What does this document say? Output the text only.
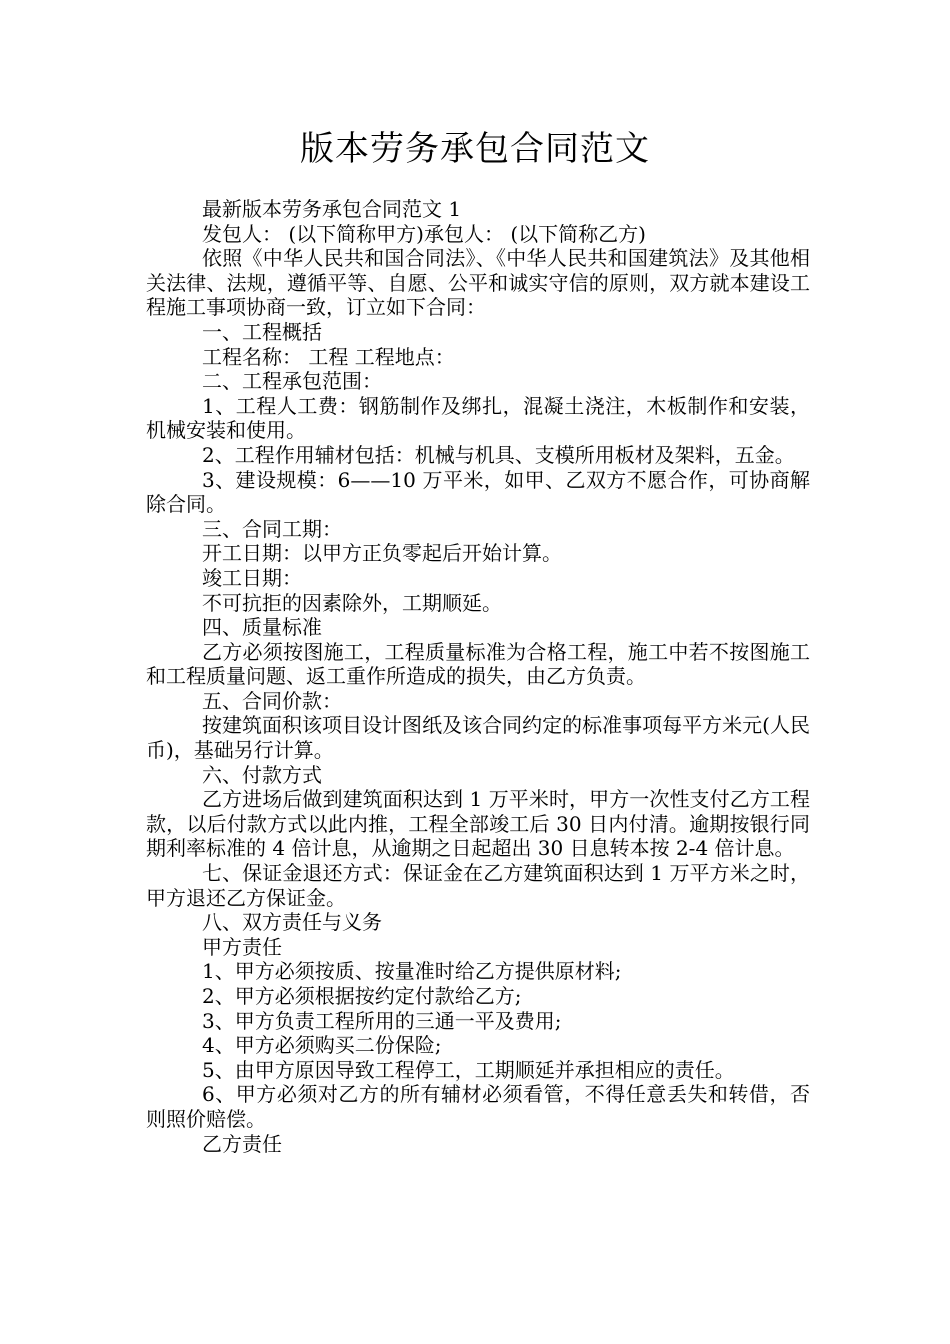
版本劳务承包合同范文

最新版本劳务承包合同范文 1

发包人： (以下简称甲方)承包人： (以下简称乙方)

依照《中华人民共和国合同法》、《中华人民共和国建筑法》及其他相关法律、法规，遵循平等、自愿、公平和诚实守信的原则，双方就本建设工程施工事项协商一致，订立如下合同：

一、工程概括

工程名称： 工程 工程地点：

二、工程承包范围：

1、工程人工费：钢筋制作及绑扎，混凝土浇注，木板制作和安装，机械安装和使用。

2、工程作用辅材包括：机械与机具、支模所用板材及架料，五金。

3、建设规模：6——10 万平米，如甲、乙双方不愿合作，可协商解除合同。

三、合同工期：

开工日期：以甲方正负零起后开始计算。

竣工日期：

不可抗拒的因素除外，工期顺延。

四、质量标准

乙方必须按图施工，工程质量标准为合格工程，施工中若不按图施工和工程质量问题、返工重作所造成的损失，由乙方负责。

五、合同价款：

按建筑面积该项目设计图纸及该合同约定的标准事项每平方米元(人民币)，基础另行计算。

六、付款方式

乙方进场后做到建筑面积达到 1 万平米时，甲方一次性支付乙方工程款，以后付款方式以此内推，工程全部竣工后 30 日内付清。逾期按银行同期利率标准的 4 倍计息，从逾期之日起超出 30 日息转本按 2-4 倍计息。

七、保证金退还方式：保证金在乙方建筑面积达到 1 万平方米之时，甲方退还乙方保证金。

八、双方责任与义务

甲方责任

1、甲方必须按质、按量准时给乙方提供原材料;

2、甲方必须根据按约定付款给乙方;

3、甲方负责工程所用的三通一平及费用;

4、甲方必须购买二份保险;

5、由甲方原因导致工程停工，工期顺延并承担相应的责任。

6、甲方必须对乙方的所有辅材必须看管，不得任意丢失和转借，否则照价赔偿。

乙方责任
